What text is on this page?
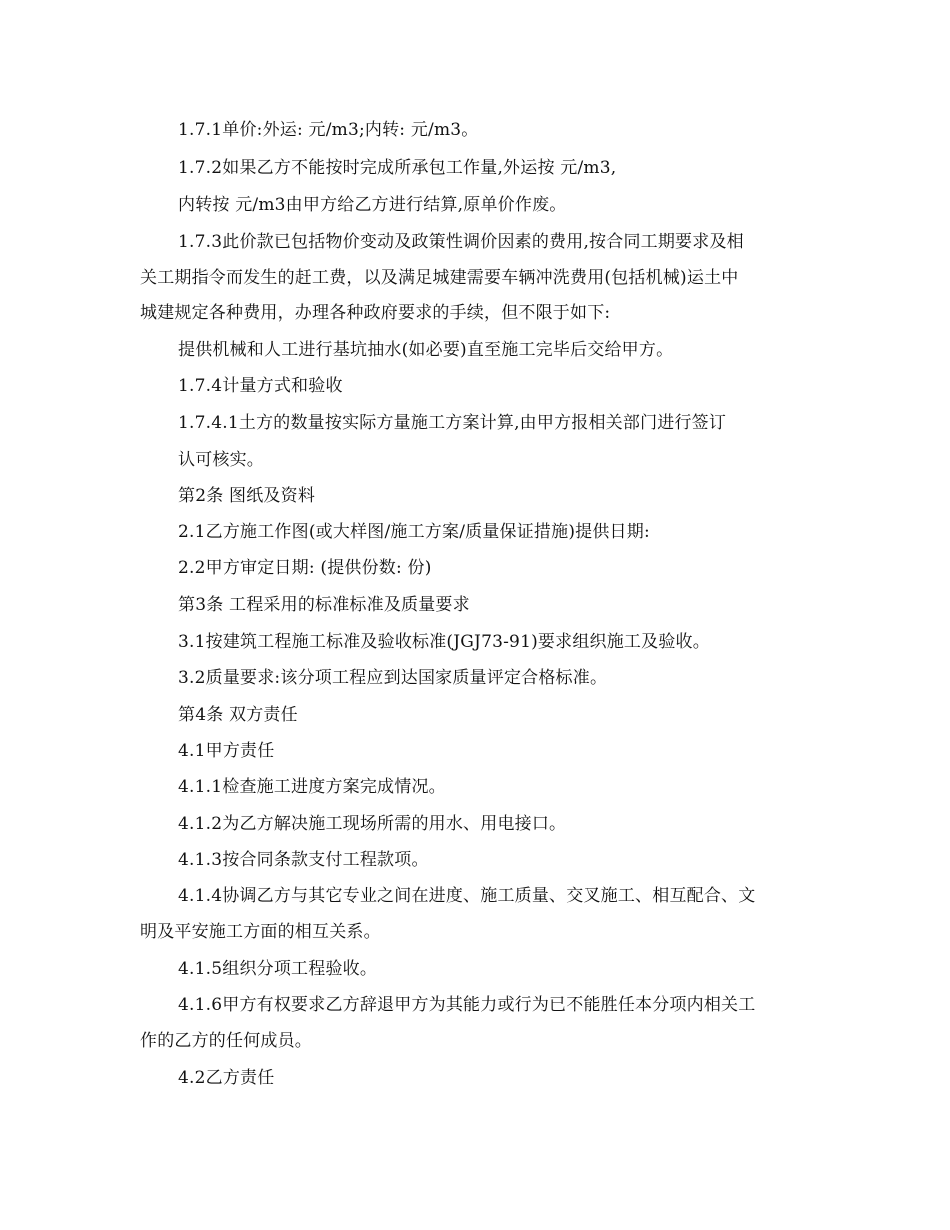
1.7.1单价:外运: 元/m3;内转: 元/m3。
1.7.2如果乙方不能按时完成所承包工作量,外运按 元/m3,
内转按 元/m3由甲方给乙方进行结算,原单价作废。
1.7.3此价款已包括物价变动及政策性调价因素的费用,按合同工期要求及相
关工期指令而发生的赶工费，以及满足城建需要车辆冲洗费用(包括机械)运土中
城建规定各种费用，办理各种政府要求的手续，但不限于如下:
提供机械和人工进行基坑抽水(如必要)直至施工完毕后交给甲方。
1.7.4计量方式和验收
1.7.4.1土方的数量按实际方量施工方案计算,由甲方报相关部门进行签订
认可核实。
第2条 图纸及资料
2.1乙方施工作图(或大样图/施工方案/质量保证措施)提供日期:
2.2甲方审定日期: (提供份数: 份)
第3条 工程采用的标准标准及质量要求
3.1按建筑工程施工标准及验收标准(JGJ73-91)要求组织施工及验收。
3.2质量要求:该分项工程应到达国家质量评定合格标准。
第4条 双方责任
4.1甲方责任
4.1.1检查施工进度方案完成情况。
4.1.2为乙方解决施工现场所需的用水、用电接口。
4.1.3按合同条款支付工程款项。
4.1.4协调乙方与其它专业之间在进度、施工质量、交叉施工、相互配合、文
明及平安施工方面的相互关系。
4.1.5组织分项工程验收。
4.1.6甲方有权要求乙方辞退甲方为其能力或行为已不能胜任本分项内相关工
作的乙方的任何成员。
4.2乙方责任
